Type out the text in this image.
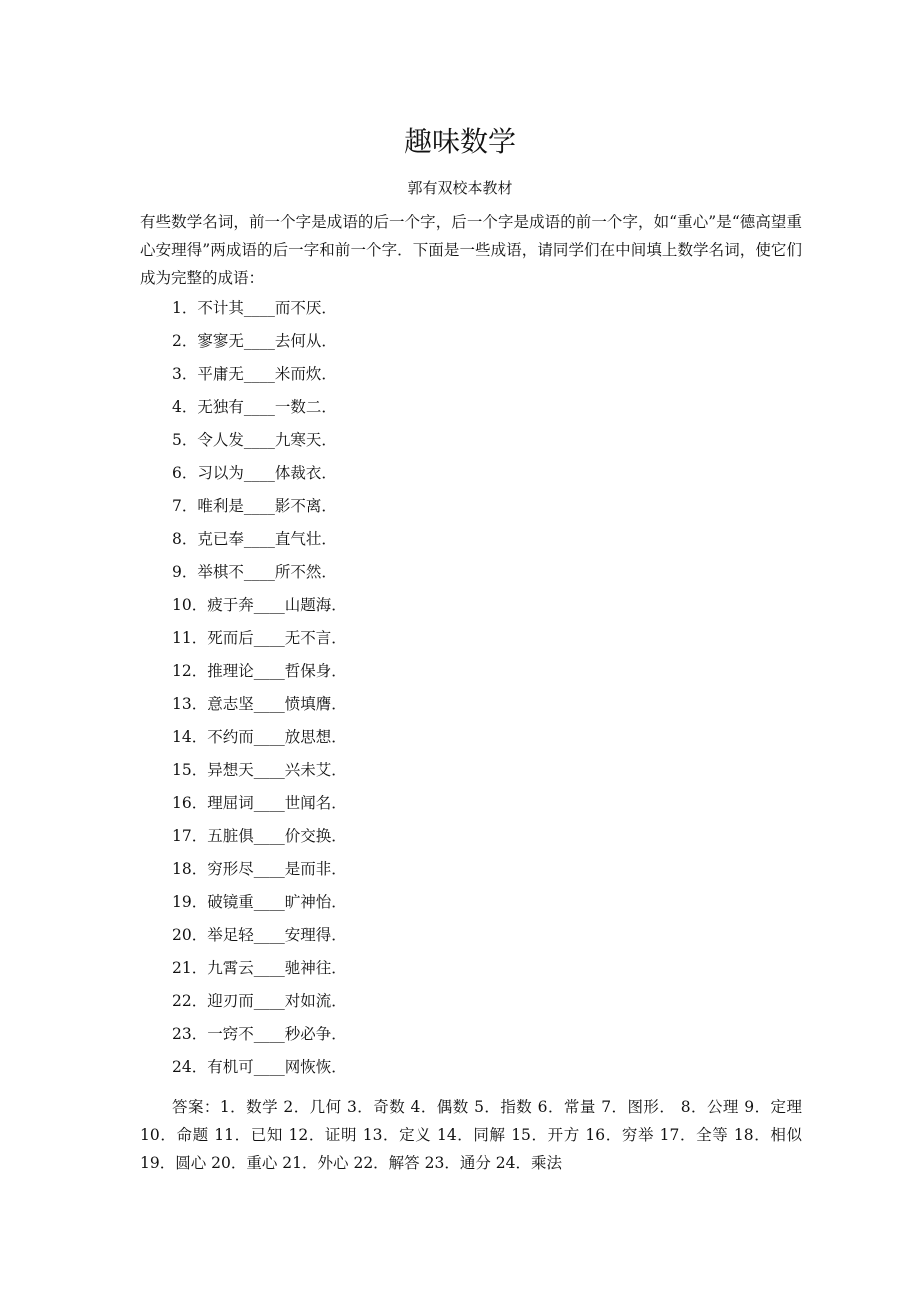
趣味数学
郭有双校本教材
有些数学名词，前一个字是成语的后一个字，后一个字是成语的前一个字，如“重心”是“德高望重心安理得”两成语的后一字和前一个字．下面是一些成语，请同学们在中间填上数学名词，使它们成为完整的成语：
1．不计其____而不厌．
2．寥寥无____去何从．
3．平庸无____米而炊．
4．无独有____一数二．
5．令人发____九寒天．
6．习以为____体裁衣．
7．唯利是____影不离．
8．克已奉____直气壮．
9．举棋不____所不然．
10．疲于奔____山题海．
11．死而后____无不言．
12．推理论____哲保身．
13．意志坚____愤填膺．
14．不约而____放思想．
15．异想天____兴未艾．
16．理屈词____世闻名．
17．五脏俱____价交换．
18．穷形尽____是而非．
19．破镜重____旷神怡．
20．举足轻____安理得．
21．九霄云____驰神往．
22．迎刃而____对如流．
23．一窍不____秒必争．
24．有机可____网恢恢．
答案：1．数学 2．几何 3．奇数 4．偶数 5．指数 6．常量 7．图形． 8．公理 9．定理 10．命题 11．已知 12．证明 13．定义 14．同解 15．开方 16．穷举 17．全等 18．相似 19．圆心 20．重心 21．外心 22．解答 23．通分 24．乘法
